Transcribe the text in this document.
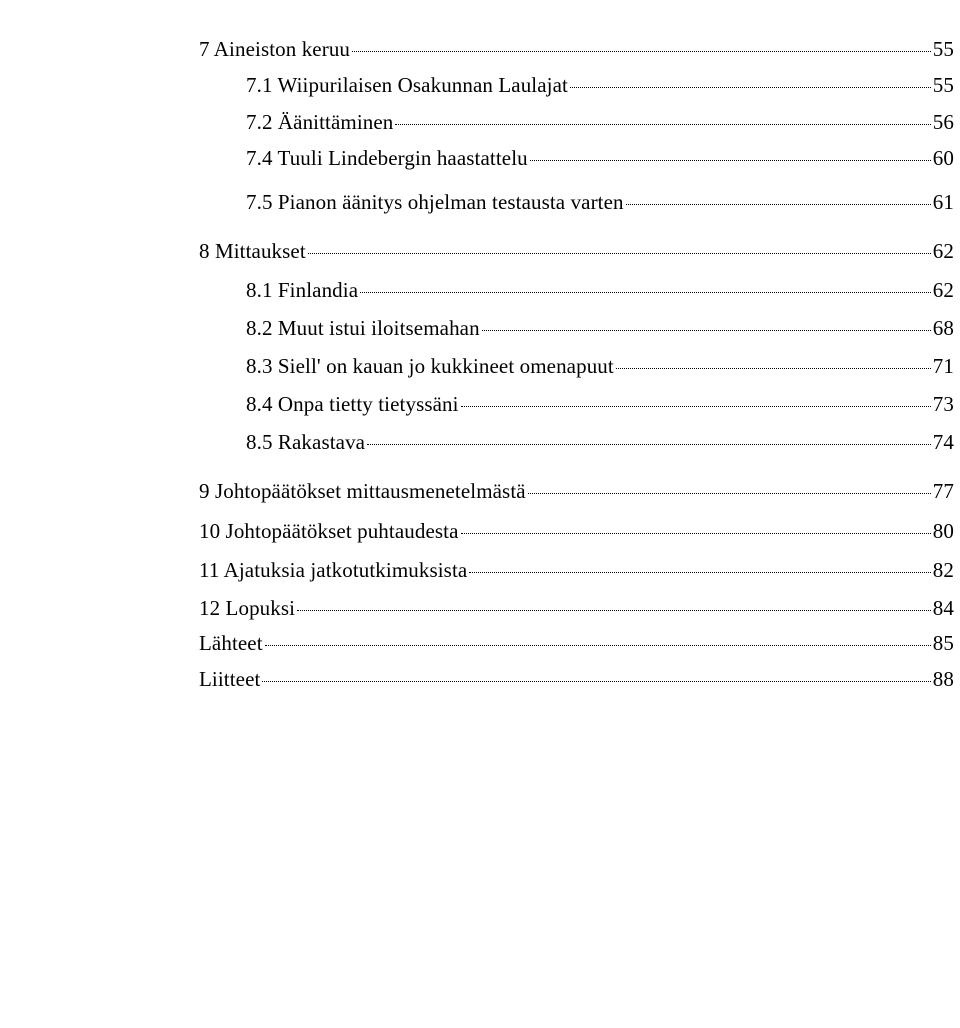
7 Aineiston keruu	55
7.1 Wiipurilaisen Osakunnan Laulajat	55
7.2 Äänittäminen	56
7.4 Tuuli Lindebergin haastattelu	60
7.5 Pianon äänitys ohjelman testausta varten	61
8 Mittaukset	62
8.1 Finlandia	62
8.2 Muut istui iloitsemahan	68
8.3 Siell' on kauan jo kukkineet omenapuut	71
8.4 Onpa tietty tietyssäni	73
8.5 Rakastava	74
9 Johtopäätökset mittausmenetelmästä	77
10 Johtopäätökset puhtaudesta	80
11 Ajatuksia jatkotutkimuksista	82
12 Lopuksi	84
Lähteet	85
Liitteet	88
